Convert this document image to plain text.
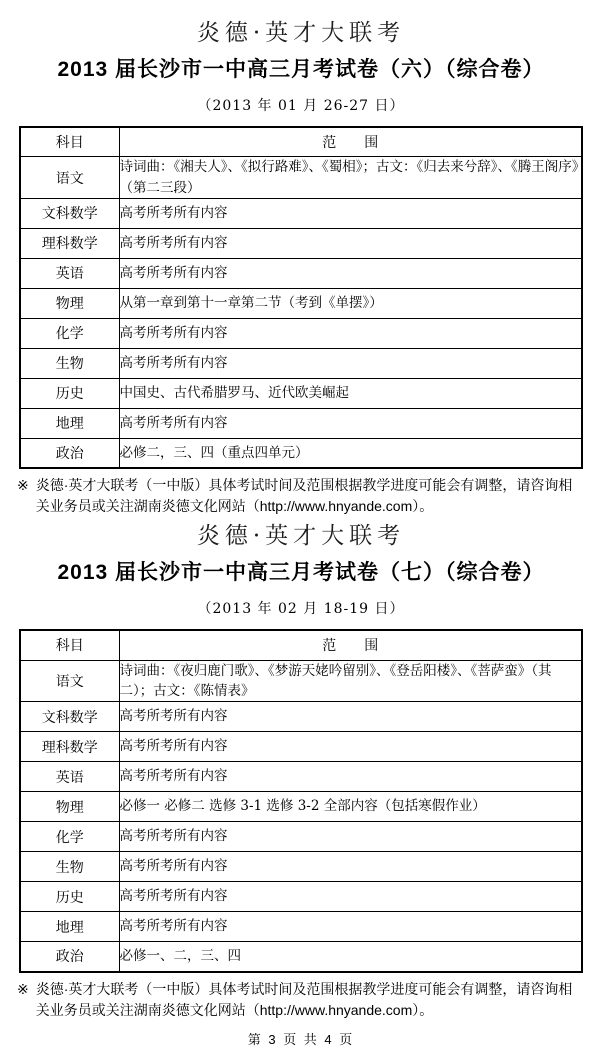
炎德·英才大联考
2013 届长沙市一中高三月考试卷（六）（综合卷）
（2013 年 01 月 26-27 日）
科目	范　　围
语文	诗词曲：《湘夫人》、《拟行路难》、《蜀相》；古文：《归去来兮辞》、《腾王阁序》（第二三段）
文科数学	高考所考所有内容
理科数学	高考所考所有内容
英语	高考所考所有内容
物理	从第一章到第十一章第二节（考到《单摆》）
化学	高考所考所有内容
生物	高考所考所有内容
历史	中国史、古代希腊罗马、近代欧美崛起
地理	高考所考所有内容
政治	必修二，三、四（重点四单元）
※ 炎德·英才大联考（一中版）具体考试时间及范围根据教学进度可能会有调整，请咨询相关业务员或关注湖南炎德文化网站（http://www.hnyande.com）。
炎德·英才大联考
2013 届长沙市一中高三月考试卷（七）（综合卷）
（2013 年 02 月 18-19 日）
科目	范　　围
语文	诗词曲：《夜归鹿门歌》、《梦游天姥吟留别》、《登岳阳楼》、《菩萨蛮》（其二）；古文：《陈情表》
文科数学	高考所考所有内容
理科数学	高考所考所有内容
英语	高考所考所有内容
物理	必修一 必修二 选修 3-1 选修 3-2 全部内容（包括寒假作业）
化学	高考所考所有内容
生物	高考所考所有内容
历史	高考所考所有内容
地理	高考所考所有内容
政治	必修一、二，三、四
※ 炎德·英才大联考（一中版）具体考试时间及范围根据教学进度可能会有调整，请咨询相关业务员或关注湖南炎德文化网站（http://www.hnyande.com）。
第 3 页 共 4 页
